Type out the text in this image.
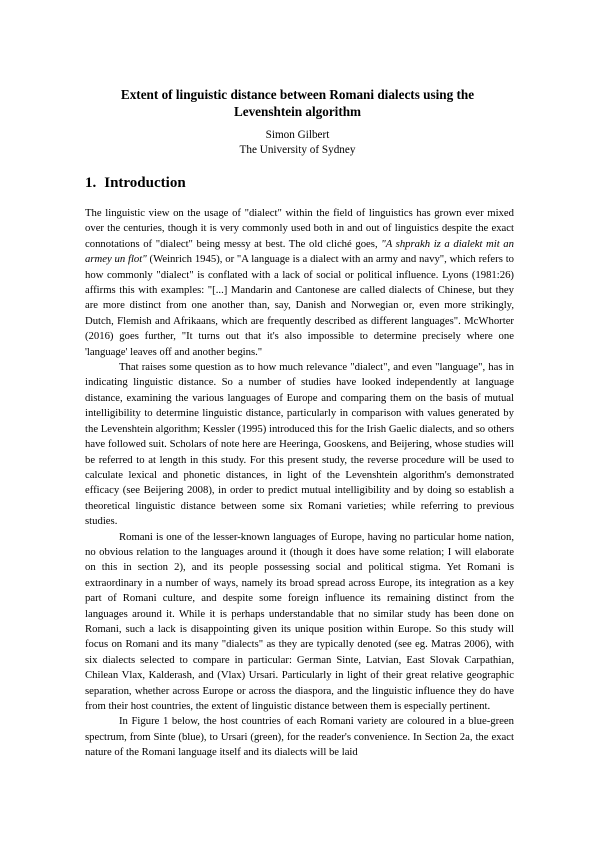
Extent of linguistic distance between Romani dialects using the
Levenshtein algorithm
Simon Gilbert
The University of Sydney
1. Introduction

The linguistic view on the usage of "dialect" within the field of linguistics has grown ever mixed over the centuries, though it is very commonly used both in and out of linguistics despite the exact connotations of "dialect" being messy at best. The old cliché goes, "A shprakh iz a dialekt mit an armey un flot" (Weinrich 1945), or "A language is a dialect with an army and navy", which refers to how commonly "dialect" is conflated with a lack of social or political influence. Lyons (1981:26) affirms this with examples: "[...] Mandarin and Cantonese are called dialects of Chinese, but they are more distinct from one another than, say, Danish and Norwegian or, even more strikingly, Dutch, Flemish and Afrikaans, which are frequently described as different languages". McWhorter (2016) goes further, "It turns out that it's also impossible to determine precisely where one 'language' leaves off and another begins."

That raises some question as to how much relevance "dialect", and even "language", has in indicating linguistic distance. So a number of studies have looked independently at language distance, examining the various languages of Europe and comparing them on the basis of mutual intelligibility to determine linguistic distance, particularly in comparison with values generated by the Levenshtein algorithm; Kessler (1995) introduced this for the Irish Gaelic dialects, and so others have followed suit. Scholars of note here are Heeringa, Gooskens, and Beijering, whose studies will be referred to at length in this study. For this present study, the reverse procedure will be used to calculate lexical and phonetic distances, in light of the Levenshtein algorithm's demonstrated efficacy (see Beijering 2008), in order to predict mutual intelligibility and by doing so establish a theoretical linguistic distance between some six Romani varieties; while referring to previous studies.

Romani is one of the lesser-known languages of Europe, having no particular home nation, no obvious relation to the languages around it (though it does have some relation; I will elaborate on this in section 2), and its people possessing social and political stigma. Yet Romani is extraordinary in a number of ways, namely its broad spread across Europe, its integration as a key part of Romani culture, and despite some foreign influence its remaining distinct from the languages around it. While it is perhaps understandable that no similar study has been done on Romani, such a lack is disappointing given its unique position within Europe. So this study will focus on Romani and its many "dialects" as they are typically denoted (see eg. Matras 2006), with six dialects selected to compare in particular: German Sinte, Latvian, East Slovak Carpathian, Chilean Vlax, Kalderash, and (Vlax) Ursari. Particularly in light of their great relative geographic separation, whether across Europe or across the diaspora, and the linguistic influence they do have from their host countries, the extent of linguistic distance between them is especially pertinent.

In Figure 1 below, the host countries of each Romani variety are coloured in a blue-green spectrum, from Sinte (blue), to Ursari (green), for the reader's convenience. In Section 2a, the exact nature of the Romani language itself and its dialects will be laid
